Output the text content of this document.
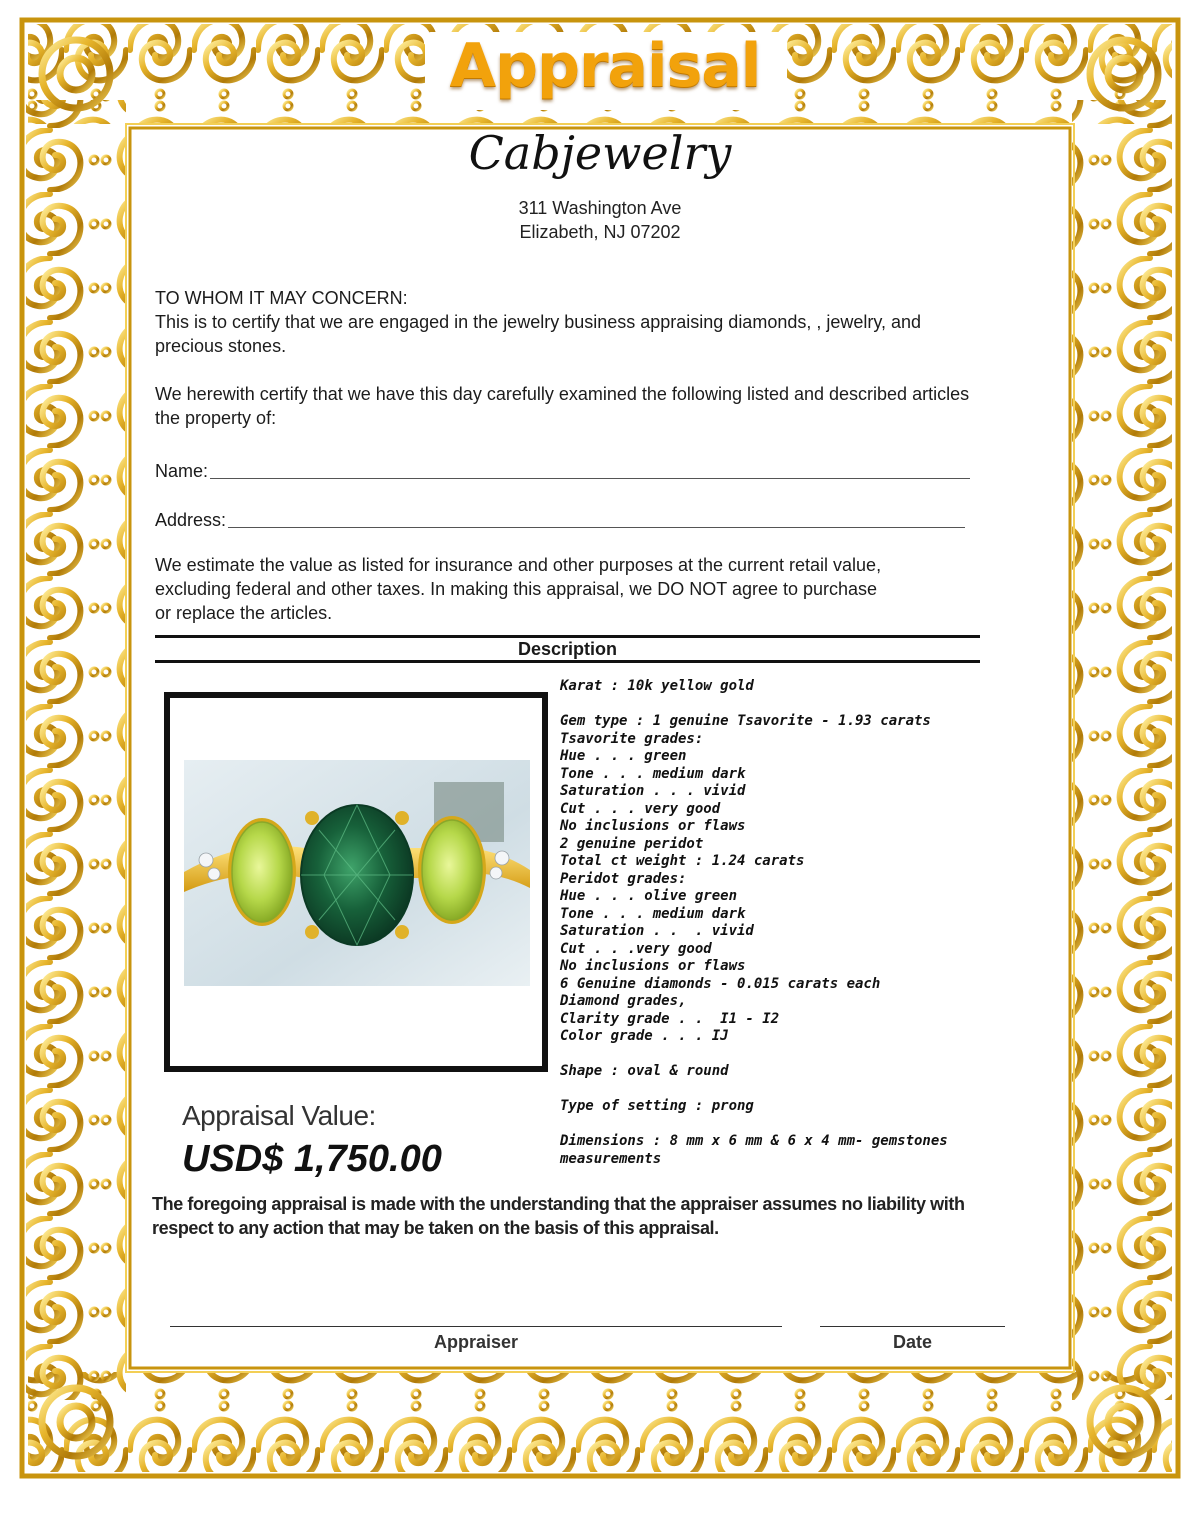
Appraisal
Cabjewelry
311 Washington Ave
Elizabeth, NJ 07202
TO WHOM IT MAY CONCERN:
This is to certify that we are engaged in the jewelry business appraising diamonds, , jewelry, and precious stones.
We herewith certify that we have this day carefully examined the following listed and described articles the property of:
Name:
Address:
We estimate the value as listed for insurance and other purposes at the current retail value,
excluding federal and other taxes. In making this appraisal, we DO NOT agree to purchase
or replace the articles.
Description
Karat : 10k yellow gold
Gem type : 1 genuine Tsavorite - 1.93 carats
Tsavorite grades:
Hue . . . green
Tone . . . medium dark
Saturation . . . vivid
Cut . . . very good
No inclusions or flaws
2 genuine peridot
Total ct weight : 1.24 carats
Peridot grades:
Hue . . . olive green
Tone . . . medium dark
Saturation . .  . vivid
Cut . . .very good
No inclusions or flaws
6 Genuine diamonds - 0.015 carats each
Diamond grades,
Clarity grade . .  I1 - I2
Color grade . . . IJ
Shape : oval & round
Type of setting : prong
Dimensions : 8 mm x 6 mm & 6 x 4 mm- gemstones measurements
Appraisal Value:
USD$ 1,750.00
The foregoing appraisal is made with the understanding that the appraiser assumes no liability with respect to any action that may be taken on the basis of this appraisal.
Appraiser	Date
